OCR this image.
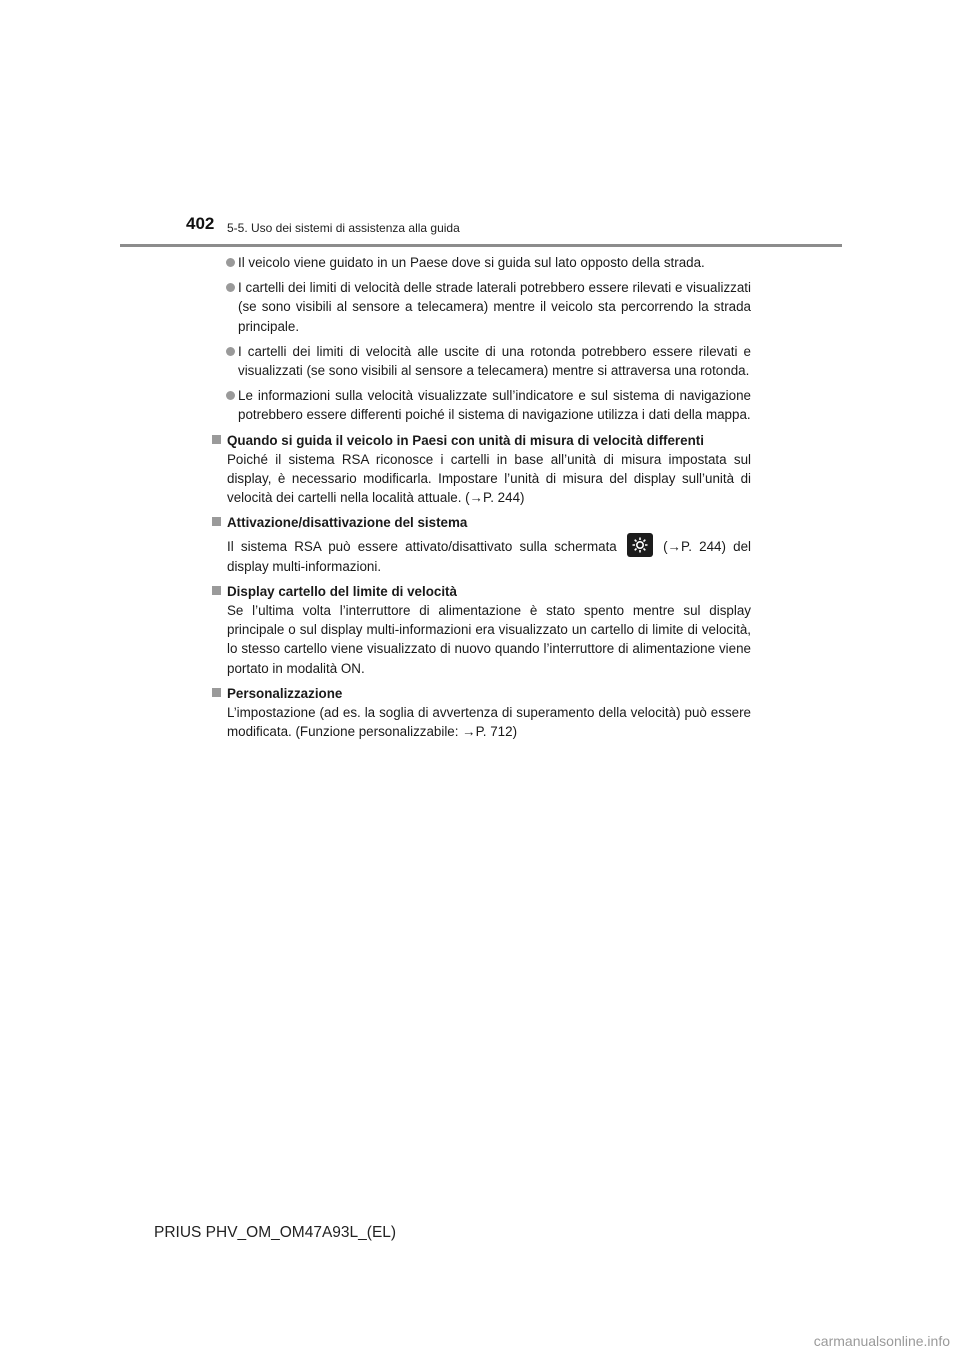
402 5-5. Uso dei sistemi di assistenza alla guida
Il veicolo viene guidato in un Paese dove si guida sul lato opposto della strada.
I cartelli dei limiti di velocità delle strade laterali potrebbero essere rilevati e visualizzati (se sono visibili al sensore a telecamera) mentre il veicolo sta percorrendo la strada principale.
I cartelli dei limiti di velocità alle uscite di una rotonda potrebbero essere rilevati e visualizzati (se sono visibili al sensore a telecamera) mentre si attraversa una rotonda.
Le informazioni sulla velocità visualizzate sull’indicatore e sul sistema di navigazione potrebbero essere differenti poiché il sistema di navigazione utilizza i dati della mappa.
Quando si guida il veicolo in Paesi con unità di misura di velocità differenti
Poiché il sistema RSA riconosce i cartelli in base all’unità di misura impostata sul display, è necessario modificarla. Impostare l’unità di misura del display sull’unità di velocità dei cartelli nella località attuale. (→P. 244)
Attivazione/disattivazione del sistema
Il sistema RSA può essere attivato/disattivato sulla schermata	(→P. 244) del display multi-informazioni.
Display cartello del limite di velocità
Se l’ultima volta l’interruttore di alimentazione è stato spento mentre sul display principale o sul display multi-informazioni era visualizzato un cartello di limite di velocità, lo stesso cartello viene visualizzato di nuovo quando l’interruttore di alimentazione viene portato in modalità ON.
Personalizzazione
L’impostazione (ad es. la soglia di avvertenza di superamento della velocità) può essere modificata. (Funzione personalizzabile: →P. 712)
PRIUS PHV_OM_OM47A93L_(EL)
carmanualsonline.info
